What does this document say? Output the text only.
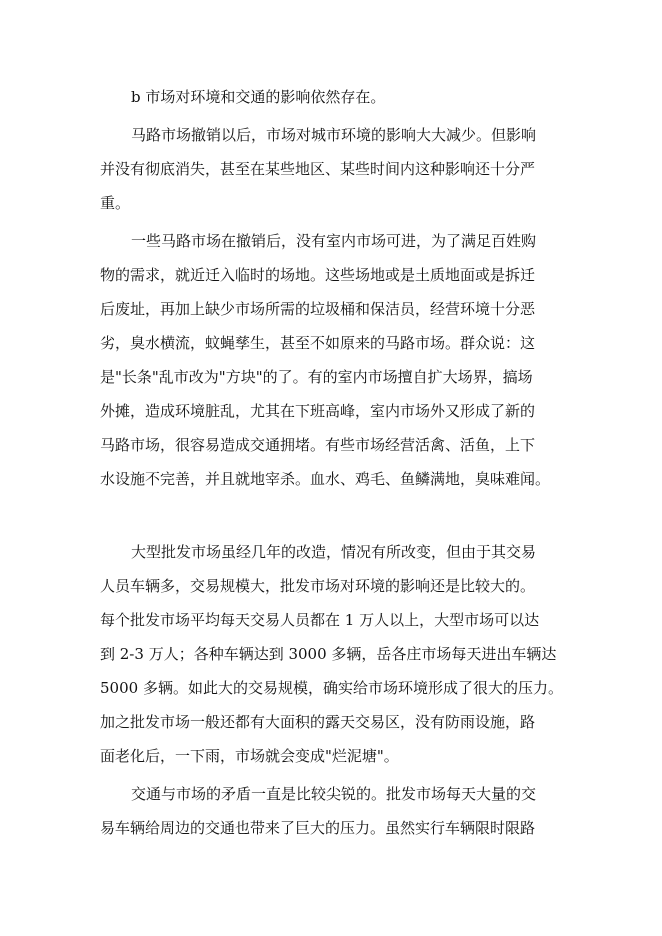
b 市场对环境和交通的影响依然存在。
马路市场撤销以后，市场对城市环境的影响大大减少。但影响
并没有彻底消失，甚至在某些地区、某些时间内这种影响还十分严
重。
一些马路市场在撤销后，没有室内市场可进，为了满足百姓购
物的需求，就近迁入临时的场地。这些场地或是土质地面或是拆迁
后废址，再加上缺少市场所需的垃圾桶和保洁员，经营环境十分恶
劣，臭水横流，蚊蝇孳生，甚至不如原来的马路市场。群众说：这
是"长条"乱市改为"方块"的了。有的室内市场擅自扩大场界，搞场
外摊，造成环境脏乱，尤其在下班高峰，室内市场外又形成了新的
马路市场，很容易造成交通拥堵。有些市场经营活禽、活鱼，上下
水设施不完善，并且就地宰杀。血水、鸡毛、鱼鳞满地，臭味难闻。
大型批发市场虽经几年的改造，情况有所改变，但由于其交易
人员车辆多，交易规模大，批发市场对环境的影响还是比较大的。
每个批发市场平均每天交易人员都在 1 万人以上，大型市场可以达
到 2-3 万人；各种车辆达到 3000 多辆，岳各庄市场每天进出车辆达
5000 多辆。如此大的交易规模，确实给市场环境形成了很大的压力。
加之批发市场一般还都有大面积的露天交易区，没有防雨设施，路
面老化后，一下雨，市场就会变成"烂泥塘"。
交通与市场的矛盾一直是比较尖锐的。批发市场每天大量的交
易车辆给周边的交通也带来了巨大的压力。虽然实行车辆限时限路
